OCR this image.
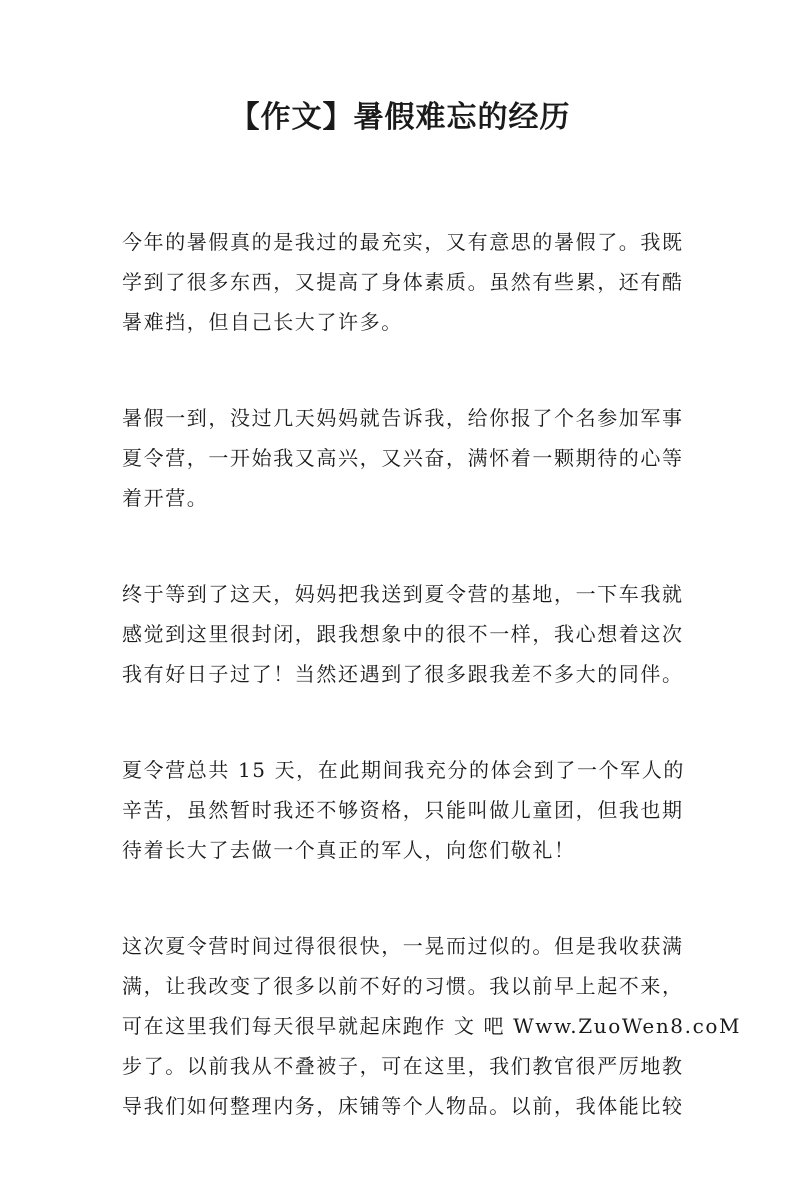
【作文】暑假难忘的经历

今年的暑假真的是我过的最充实，又有意思的暑假了。我既
学到了很多东西，又提高了身体素质。虽然有些累，还有酷
暑难挡，但自己长大了许多。

暑假一到，没过几天妈妈就告诉我，给你报了个名参加军事
夏令营，一开始我又高兴，又兴奋，满怀着一颗期待的心等
着开营。

终于等到了这天，妈妈把我送到夏令营的基地，一下车我就
感觉到这里很封闭，跟我想象中的很不一样，我心想着这次
我有好日子过了！当然还遇到了很多跟我差不多大的同伴。

夏令营总共 15 天，在此期间我充分的体会到了一个军人的
辛苦，虽然暂时我还不够资格，只能叫做儿童团，但我也期
待着长大了去做一个真正的军人，向您们敬礼！

这次夏令营时间过得很很快，一晃而过似的。但是我收获满
满，让我改变了很多以前不好的习惯。我以前早上起不来，
可在这里我们每天很早就起床跑作 文 吧 Www.ZuoWen8.coM
步了。以前我从不叠被子，可在这里，我们教官很严厉地教
导我们如何整理内务，床铺等个人物品。以前，我体能比较
